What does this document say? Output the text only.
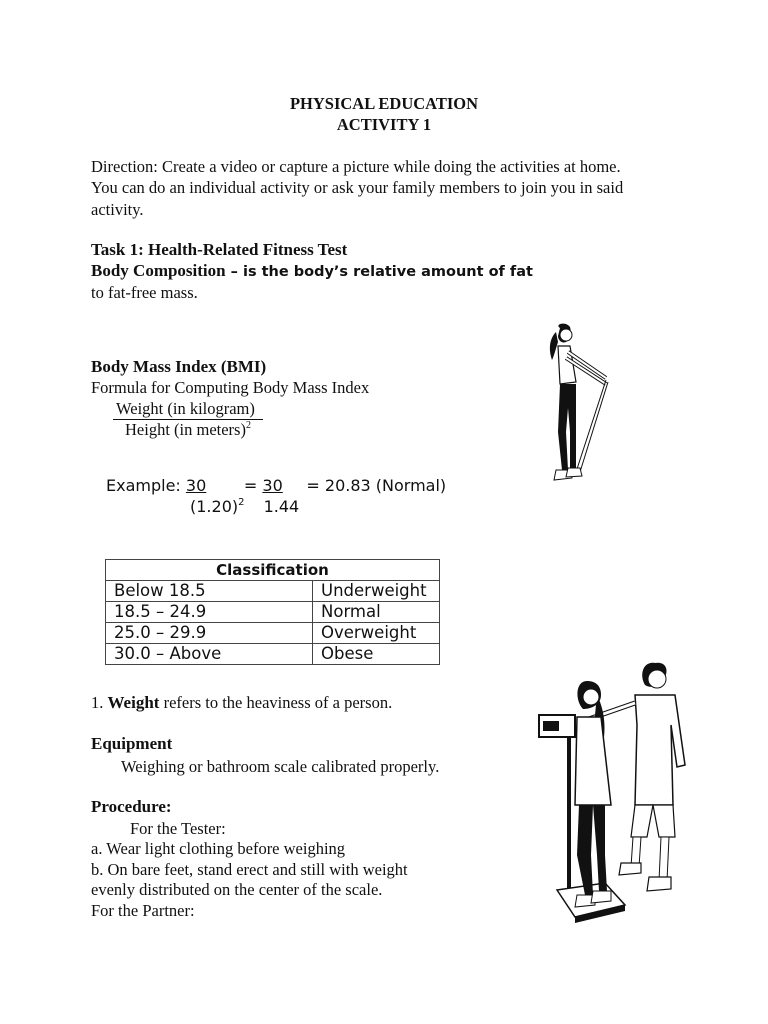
PHYSICAL EDUCATION
ACTIVITY 1
Direction: Create a video or capture a picture while doing the activities at home.
You can do an individual activity or ask your family members to join you in said
activity.
Task 1: Health-Related Fitness Test
Body Composition – is the body’s relative amount of fat
to fat-free mass.
Body Mass Index (BMI)
Formula for Computing Body Mass Index
Weight (in kilogram)
Height (in meters)$^2$
Example: 30 = 30 = 20.83 (Normal)
$(1.20)^2$ 1.44
Classification	
Below 18.5	Underweight
18.5 – 24.9	Normal
25.0 – 29.9	Overweight
30.0 – Above	Obese
1. Weight refers to the heaviness of a person.
Equipment
Weighing or bathroom scale calibrated properly.
Procedure:
For the Tester:
a. Wear light clothing before weighing
b. On bare feet, stand erect and still with weight
evenly distributed on the center of the scale.
For the Partner:
